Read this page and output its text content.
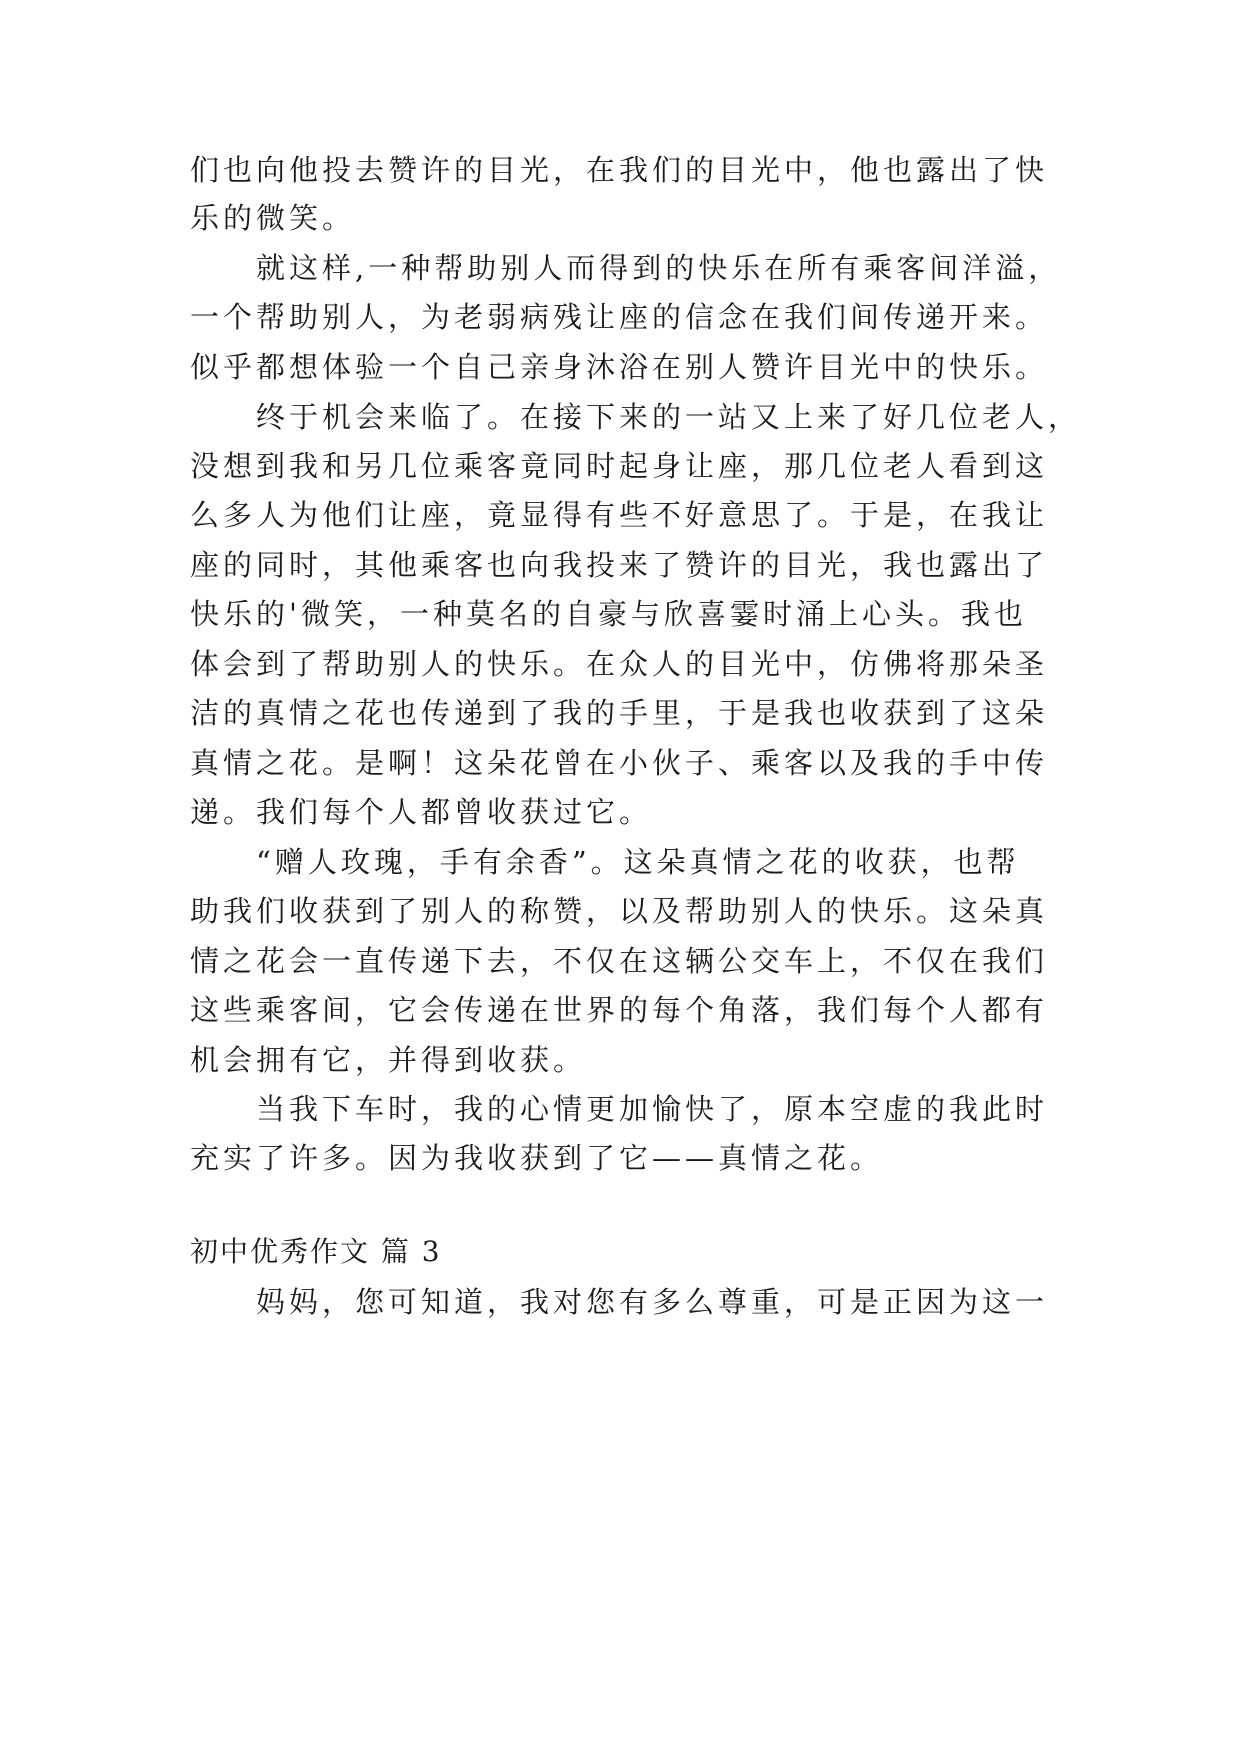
们也向他投去赞许的目光，在我们的目光中，他也露出了快
乐的微笑。
就这样,一种帮助别人而得到的快乐在所有乘客间洋溢，
一个帮助别人，为老弱病残让座的信念在我们间传递开来。
似乎都想体验一个自己亲身沐浴在别人赞许目光中的快乐。
终于机会来临了。在接下来的一站又上来了好几位老人，
没想到我和另几位乘客竟同时起身让座，那几位老人看到这
么多人为他们让座，竟显得有些不好意思了。于是，在我让
座的同时，其他乘客也向我投来了赞许的目光，我也露出了
快乐的'微笑，一种莫名的自豪与欣喜霎时涌上心头。我也
体会到了帮助别人的快乐。在众人的目光中，仿佛将那朵圣
洁的真情之花也传递到了我的手里，于是我也收获到了这朵
真情之花。是啊！这朵花曾在小伙子、乘客以及我的手中传
递。我们每个人都曾收获过它。
“赠人玫瑰，手有余香”。这朵真情之花的收获，也帮
助我们收获到了别人的称赞，以及帮助别人的快乐。这朵真
情之花会一直传递下去，不仅在这辆公交车上，不仅在我们
这些乘客间，它会传递在世界的每个角落，我们每个人都有
机会拥有它，并得到收获。
当我下车时，我的心情更加愉快了，原本空虚的我此时
充实了许多。因为我收获到了它——真情之花。
初中优秀作文 篇 3
妈妈，您可知道，我对您有多么尊重，可是正因为这一
